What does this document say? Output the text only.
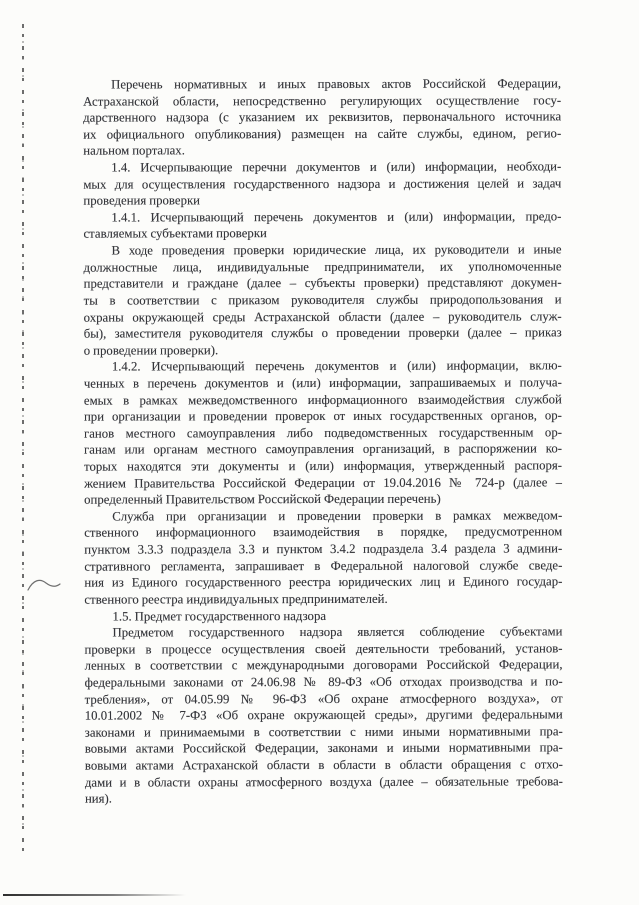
Перечень нормативных и иных правовых актов Российской Федерации,
Астраханской области, непосредственно регулирующих осуществление госу-
дарственного надзора (с указанием их реквизитов, первоначального источника
их официального опубликования) размещен на сайте службы, едином, регио-
нальном порталах.
1.4. Исчерпывающие перечни документов и (или) информации, необходи-
мых для осуществления государственного надзора и достижения целей и задач
проведения проверки
1.4.1. Исчерпывающий перечень документов и (или) информации, предо-
ставляемых субъектами проверки
В ходе проведения проверки юридические лица, их руководители и иные
должностные лица, индивидуальные предприниматели, их уполномоченные
представители и граждане (далее – субъекты проверки) представляют докумен-
ты в соответствии с приказом руководителя службы природопользования и
охраны окружающей среды Астраханской области (далее – руководитель служ-
бы), заместителя руководителя службы о проведении проверки (далее – приказ
о проведении проверки).
1.4.2. Исчерпывающий перечень документов и (или) информации, вклю-
ченных в перечень документов и (или) информации, запрашиваемых и получа-
емых в рамках межведомственного информационного взаимодействия службой
при организации и проведении проверок от иных государственных органов, ор-
ганов местного самоуправления либо подведомственных государственным ор-
ганам или органам местного самоуправления организаций, в распоряжении ко-
торых находятся эти документы и (или) информация, утвержденный распоря-
жением Правительства Российской Федерации от 19.04.2016 № 724-р (далее –
определенный Правительством Российской Федерации перечень)
Служба при организации и проведении проверки в рамках межведом-
ственного информационного взаимодействия в порядке, предусмотренном
пунктом 3.3.3 подраздела 3.3 и пунктом 3.4.2 подраздела 3.4 раздела 3 админи-
стративного регламента, запрашивает в Федеральной налоговой службе сведе-
ния из Единого государственного реестра юридических лиц и Единого государ-
ственного реестра индивидуальных предпринимателей.
1.5. Предмет государственного надзора
Предметом государственного надзора является соблюдение субъектами
проверки в процессе осуществления своей деятельности требований, установ-
ленных в соответствии с международными договорами Российской Федерации,
федеральными законами от 24.06.98 № 89-ФЗ «Об отходах производства и по-
требления», от 04.05.99 № 96-ФЗ «Об охране атмосферного воздуха», от
10.01.2002 № 7-ФЗ «Об охране окружающей среды», другими федеральными
законами и принимаемыми в соответствии с ними иными нормативными пра-
вовыми актами Российской Федерации, законами и иными нормативными пра-
вовыми актами Астраханской области в области в области обращения с отхо-
дами и в области охраны атмосферного воздуха (далее – обязательные требова-
ния).
